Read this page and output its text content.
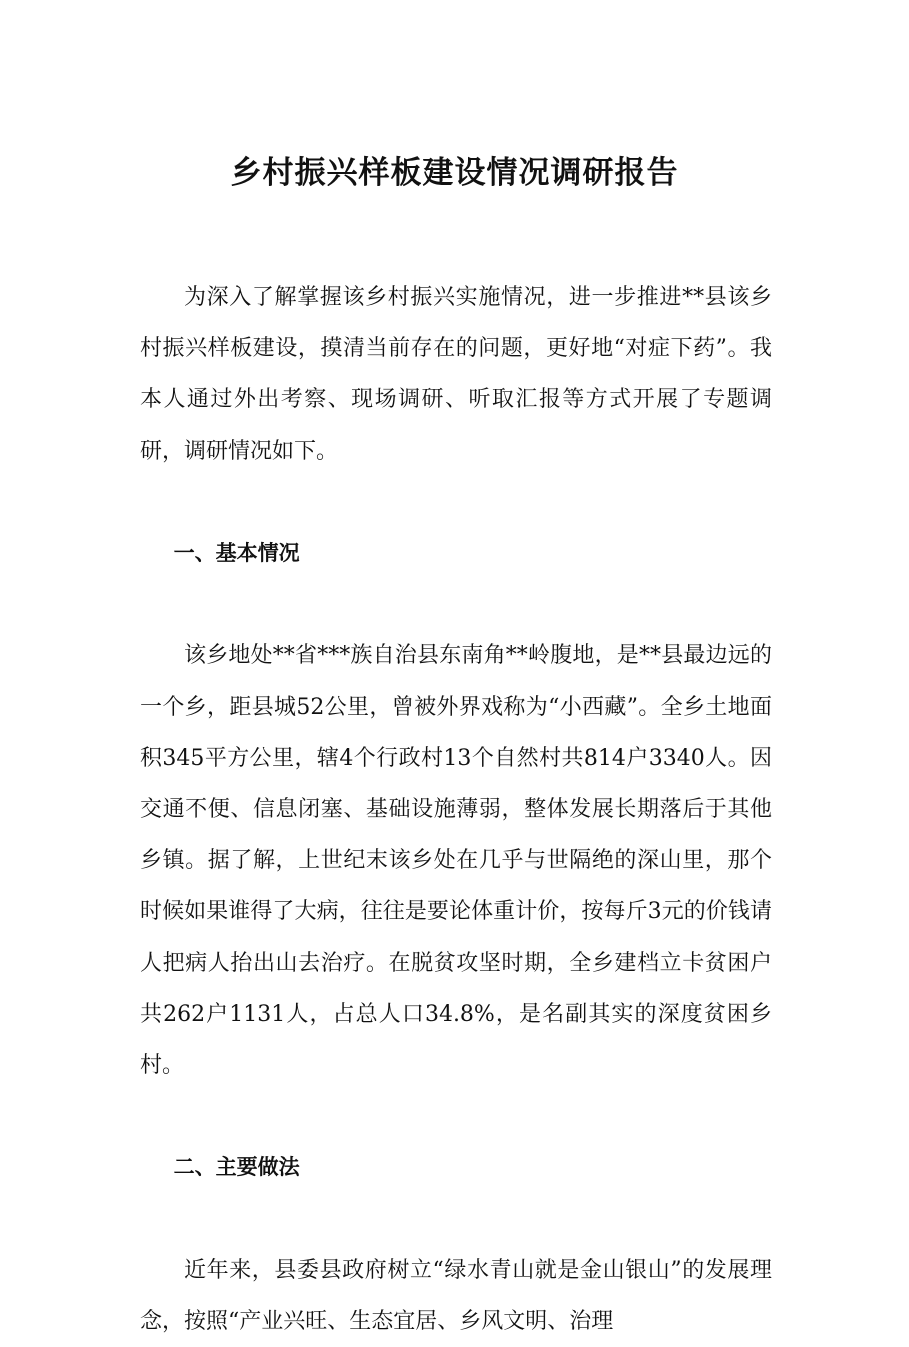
乡村振兴样板建设情况调研报告

为深入了解掌握该乡村振兴实施情况，进一步推进**县该乡村振兴样板建设，摸清当前存在的问题，更好地“对症下药”。我本人通过外出考察、现场调研、听取汇报等方式开展了专题调研，调研情况如下。

一、基本情况

该乡地处**省***族自治县东南角**岭腹地，是**县最边远的一个乡，距县城52公里，曾被外界戏称为“小西藏”。全乡土地面积345平方公里，辖4个行政村13个自然村共814户3340人。因交通不便、信息闭塞、基础设施薄弱，整体发展长期落后于其他乡镇。据了解，上世纪末该乡处在几乎与世隔绝的深山里，那个时候如果谁得了大病，往往是要论体重计价，按每斤3元的价钱请人把病人抬出山去治疗。在脱贫攻坚时期，全乡建档立卡贫困户共262户1131人，占总人口34.8%，是名副其实的深度贫困乡村。

二、主要做法

近年来，县委县政府树立“绿水青山就是金山银山”的发展理念，按照“产业兴旺、生态宜居、乡风文明、治理
